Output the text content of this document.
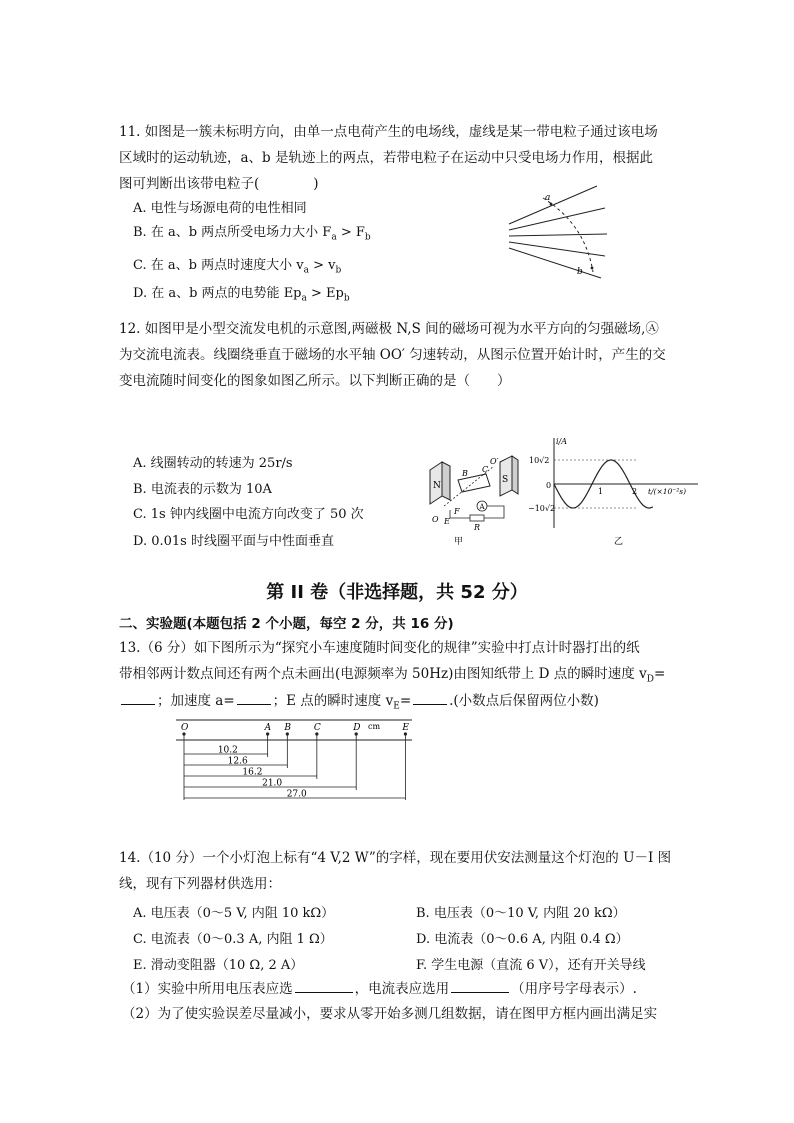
11. 如图是一簇未标明方向，由单一点电荷产生的电场线，虚线是某一带电粒子通过该电场
区域时的运动轨迹，a、b 是轨迹上的两点，若带电粒子在运动中只受电场力作用，根据此
图可判断出该带电粒子(　　　　)
A. 电性与场源电荷的电性相同
B. 在 a、b 两点所受电场力大小 $F_a > F_b$
C. 在 a、b 两点时速度大小 $v_a > v_b$
D. 在 a、b 两点的电势能 $Ep_a > Ep_b$
a
b
12. 如图甲是小型交流发电机的示意图,两磁极 N,S 间的磁场可视为水平方向的匀强磁场,Ⓐ
为交流电流表。线圈绕垂直于磁场的水平轴 OO′ 匀速转动，从图示位置开始计时，产生的交
变电流随时间变化的图象如图乙所示。以下判断正确的是（　　）
A. 线圈转动的转速为 25r/s
B. 电流表的示数为 10A
C. 1s 钟内线圈中电流方向改变了 50 次
D. 0.01s 时线圈平面与中性面垂直
N
S
B C
O′
O E
F	A
R
甲
i/A
10√2
−10√2
0
1	2 t/(×10⁻²s)
乙
第 II 卷（非选择题，共 52 分）
二、实验题(本题包括 2 个小题，每空 2 分，共 16 分)
13.（6 分）如下图所示为“探究小车速度随时间变化的规律”实验中打点计时器打出的纸
带相邻两计数点间还有两个点未画出(电源频率为 50Hz)由图知纸带上 D 点的瞬时速度 $v_D=$
；加速度 a=	；E 点的瞬时速度 $v_E=$	.(小数点后保留两位小数)
O	A B	C	D	E
10.2
12.6
16.2
21.0
27.0
cm
14.（10 分）一个小灯泡上标有“4 V,2 W”的字样，现在要用伏安法测量这个灯泡的 U－I 图
线，现有下列器材供选用：
A. 电压表（0～5 V, 内阻 10 kΩ）	B. 电压表（0～10 V, 内阻 20 kΩ）
C. 电流表（0～0.3 A, 内阻 1 Ω）	D. 电流表（0～0.6 A, 内阻 0.4 Ω）
E. 滑动变阻器（10 Ω, 2 A）	F. 学生电源（直流 6 V），还有开关导线
（1）实验中所用电压表应选	，电流表应选用	（用序号字母表示）.
（2）为了使实验误差尽量减小，要求从零开始多测几组数据，请在图甲方框内画出满足实
